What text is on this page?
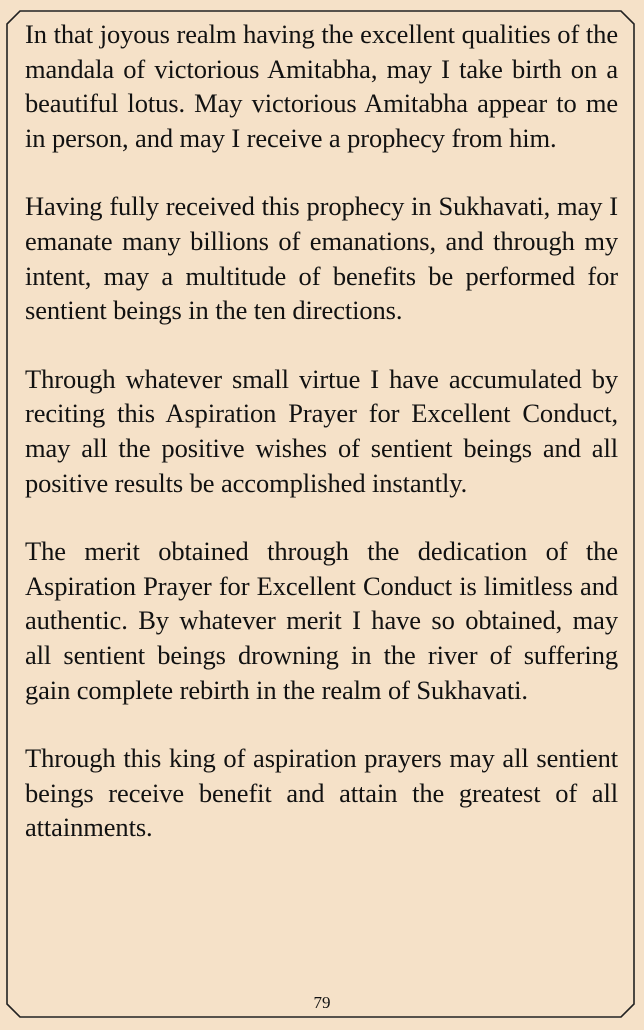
In that joyous realm having the excellent qualities of the mandala of victorious Amitabha, may I take birth on a beautiful lotus. May victorious Amitabha appear to me in person, and may I receive a prophecy from him.

Having fully received this prophecy in Sukhavati, may I emanate many billions of emanations, and through my intent, may a multitude of benefits be performed for sentient beings in the ten directions.

Through whatever small virtue I have accumulated by reciting this Aspiration Prayer for Excellent Conduct, may all the positive wishes of sentient beings and all positive results be accomplished instantly.

The merit obtained through the dedication of the Aspiration Prayer for Excellent Conduct is limitless and authentic. By whatever merit I have so obtained, may all sentient beings drowning in the river of suffering gain complete rebirth in the realm of Sukhavati.

Through this king of aspiration prayers may all sentient beings receive benefit and attain the greatest of all attainments.

79
